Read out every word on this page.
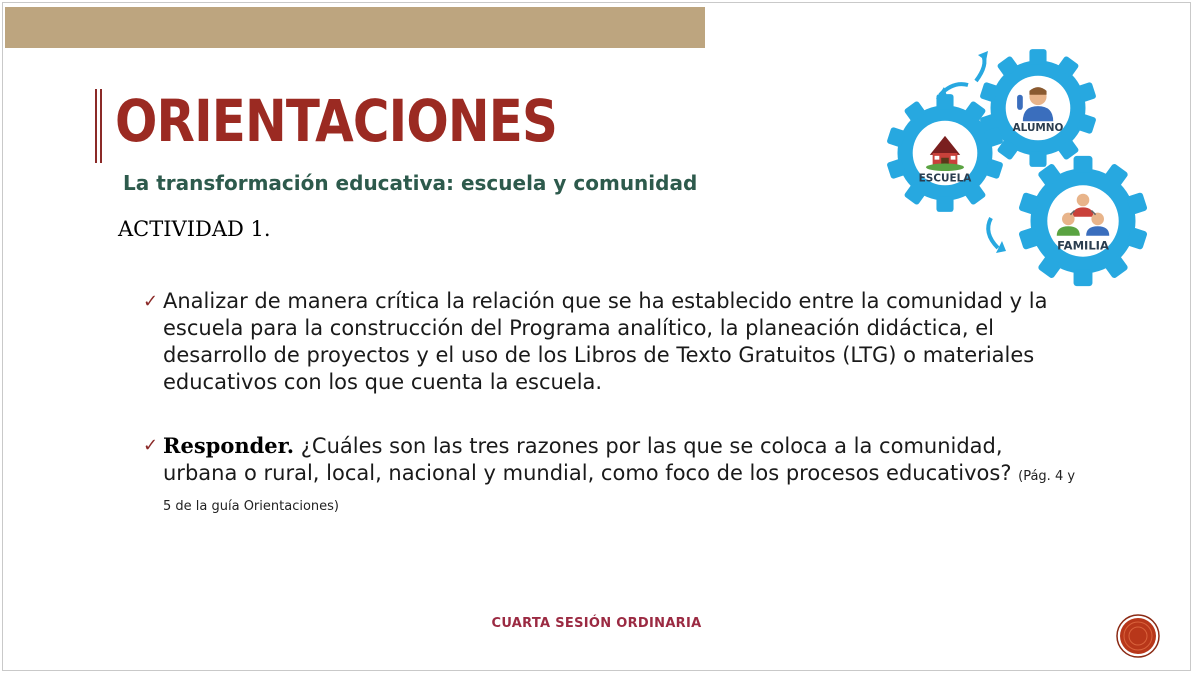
ORIENTACIONES

La transformación educativa: escuela y comunidad

ACTIVIDAD 1.

✓ Analizar de manera crítica la relación que se ha establecido entre la comunidad y la escuela para la construcción del Programa analítico, la planeación didáctica, el desarrollo de proyectos y el uso de los Libros de Texto Gratuitos (LTG) o materiales educativos con los que cuenta la escuela.
✓ Responder. ¿Cuáles son las tres razones por las que se coloca a la comunidad, urbana o rural, local, nacional y mundial, como foco de los procesos educativos? (Pág. 4 y 5 de la guía Orientaciones)
ALUMNO
ESCUELA
FAMILIA

CUARTA SESIÓN ORDINARIA
